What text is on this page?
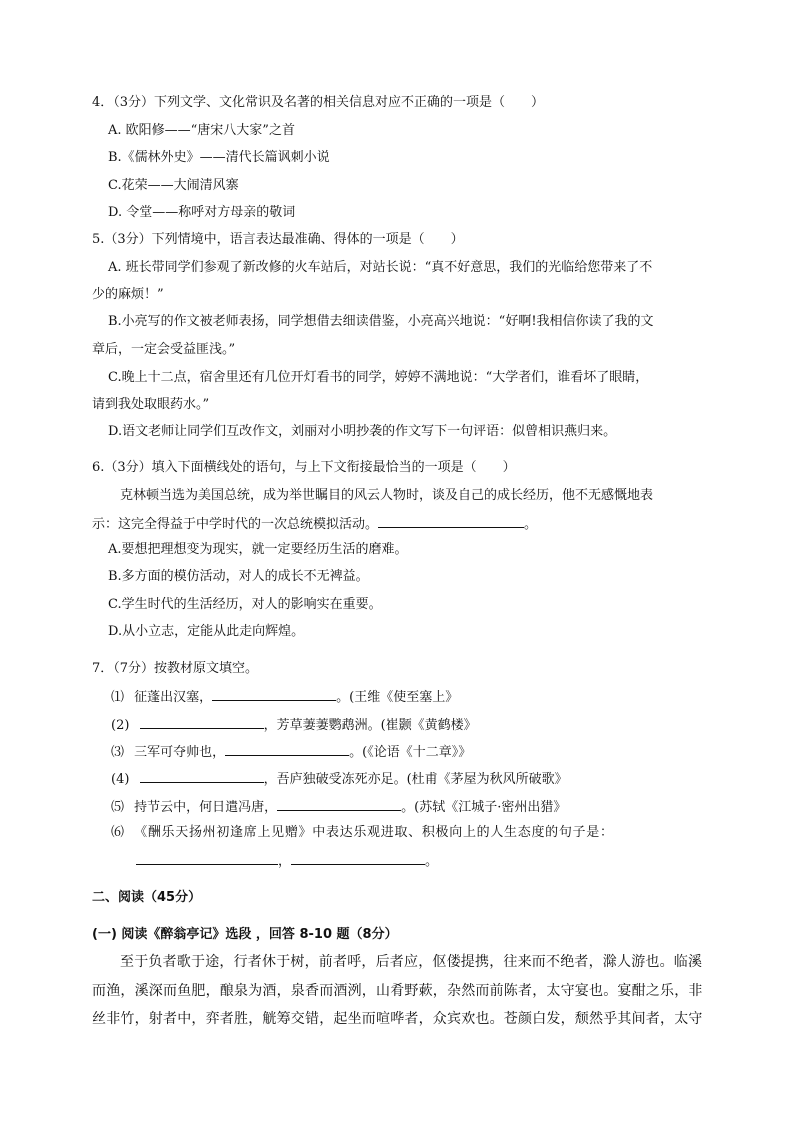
4．（3分）下列文学、文化常识及名著的相关信息对应不正确的一项是（　　）
A. 欧阳修——“唐宋八大家”之首
B.《儒林外史》——清代长篇讽刺小说
C.花荣——大闹清风寨
D. 令堂——称呼对方母亲的敬词
5.（3分）下列情境中，语言表达最准确、得体的一项是（　　）
A. 班长带同学们参观了新改修的火车站后，对站长说：“真不好意思，我们的光临给您带来了不
少的麻烦！”
B.小亮写的作文被老师表扬，同学想借去细读借鉴，小亮高兴地说：“好啊!我相信你读了我的文
章后，一定会受益匪浅。”
C.晚上十二点，宿舍里还有几位开灯看书的同学，婷婷不满地说：“大学者们，谁看坏了眼睛，
请到我处取眼药水。”
D.语文老师让同学们互改作文，刘丽对小明抄袭的作文写下一句评语：似曾相识燕归来。
6.（3分）填入下面横线处的语句，与上下文衔接最恰当的一项是（　　）
克林顿当选为美国总统，成为举世瞩目的风云人物时，谈及自己的成长经历，他不无感慨地表
示：这完全得益于中学时代的一次总统模拟活动。	。
A.要想把理想变为现实，就一定要经历生活的磨难。
B.多方面的模仿活动，对人的成长不无裨益。
C.学生时代的生活经历，对人的影响实在重要。
D.从小立志，定能从此走向辉煌。
7．（7分）按教材原文填空。
⑴ 征蓬出汉塞，	。(王维《使至塞上》
(2)	，芳草萋萋鹦鹉洲。(崔颢《黄鹤楼》
⑶ 三军可夺帅也，	。(《论语《十二章》》
(4)	，吾庐独破受冻死亦足。(杜甫《茅屋为秋风所破歌》
⑸ 持节云中，何日遣冯唐，	。(苏轼《江城子·密州出猎》
⑹ 《酬乐天扬州初逢席上见赠》中表达乐观进取、积极向上的人生态度的句子是：
，	。
二、阅读（45分）
(一) 阅读《醉翁亭记》选段 ，回答 8-10 题（8分）
至于负者歌于途，行者休于树，前者呼，后者应，伛偻提携，往来而不绝者，滁人游也。临溪
而渔，溪深而鱼肥，酿泉为酒，泉香而酒洌，山肴野蔌，杂然而前陈者，太守宴也。宴酣之乐，非
丝非竹，射者中，弈者胜，觥筹交错，起坐而喧哗者，众宾欢也。苍颜白发，颓然乎其间者，太守
